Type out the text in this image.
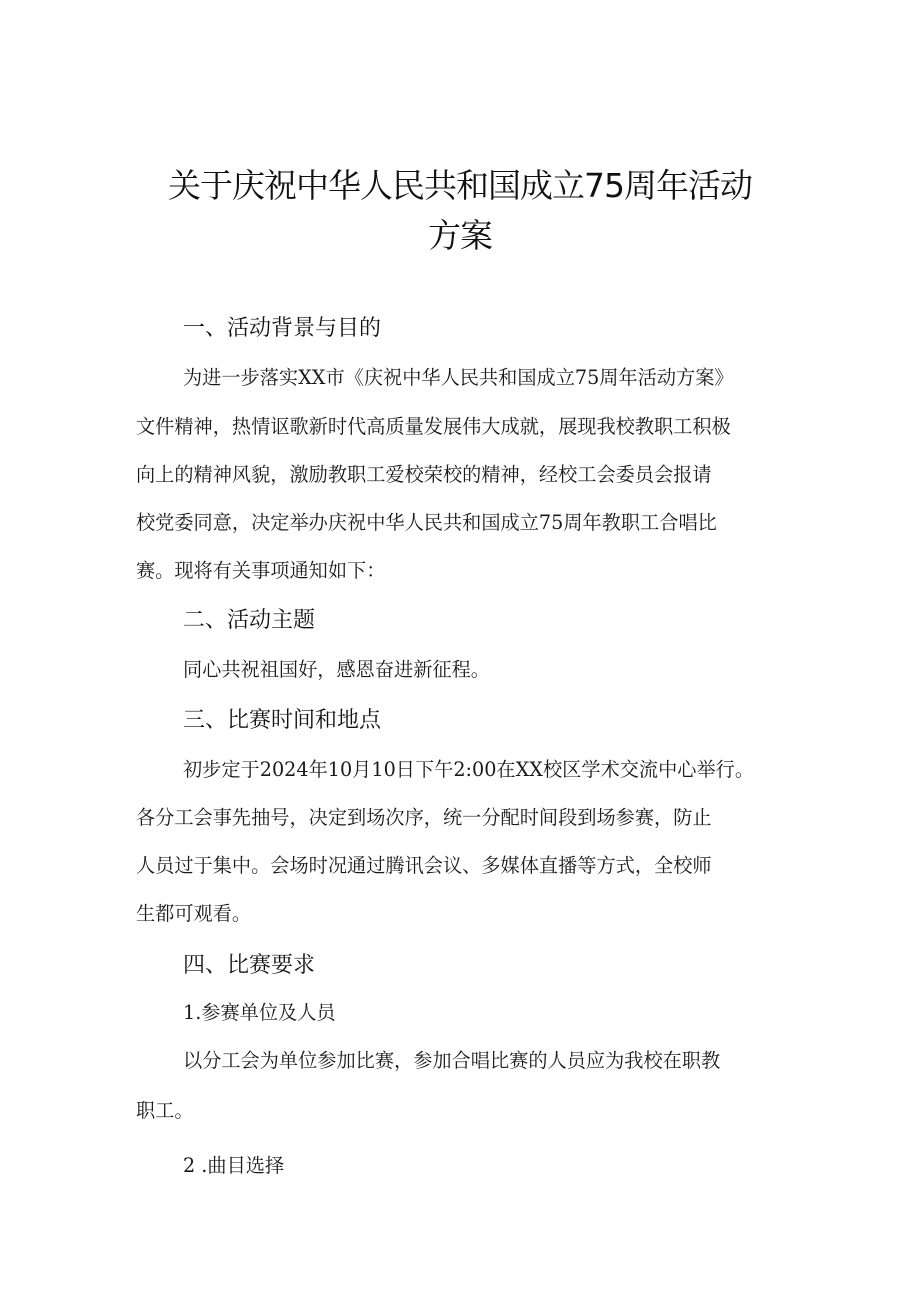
关于庆祝中华人民共和国成立75周年活动
方案
一、活动背景与目的
为进一步落实XX市《庆祝中华人民共和国成立75周年活动方案》
文件精神，热情讴歌新时代高质量发展伟大成就，展现我校教职工积极
向上的精神风貌，激励教职工爱校荣校的精神，经校工会委员会报请
校党委同意，决定举办庆祝中华人民共和国成立75周年教职工合唱比
赛。现将有关事项通知如下：
二、活动主题
同心共祝祖国好，感恩奋进新征程。
三、比赛时间和地点
初步定于2024年10月10日下午2:00在XX校区学术交流中心举行。
各分工会事先抽号，决定到场次序，统一分配时间段到场参赛，防止
人员过于集中。会场时况通过腾讯会议、多媒体直播等方式，全校师
生都可观看。
四、比赛要求
1.参赛单位及人员
以分工会为单位参加比赛，参加合唱比赛的人员应为我校在职教
职工。
2 .曲目选择
